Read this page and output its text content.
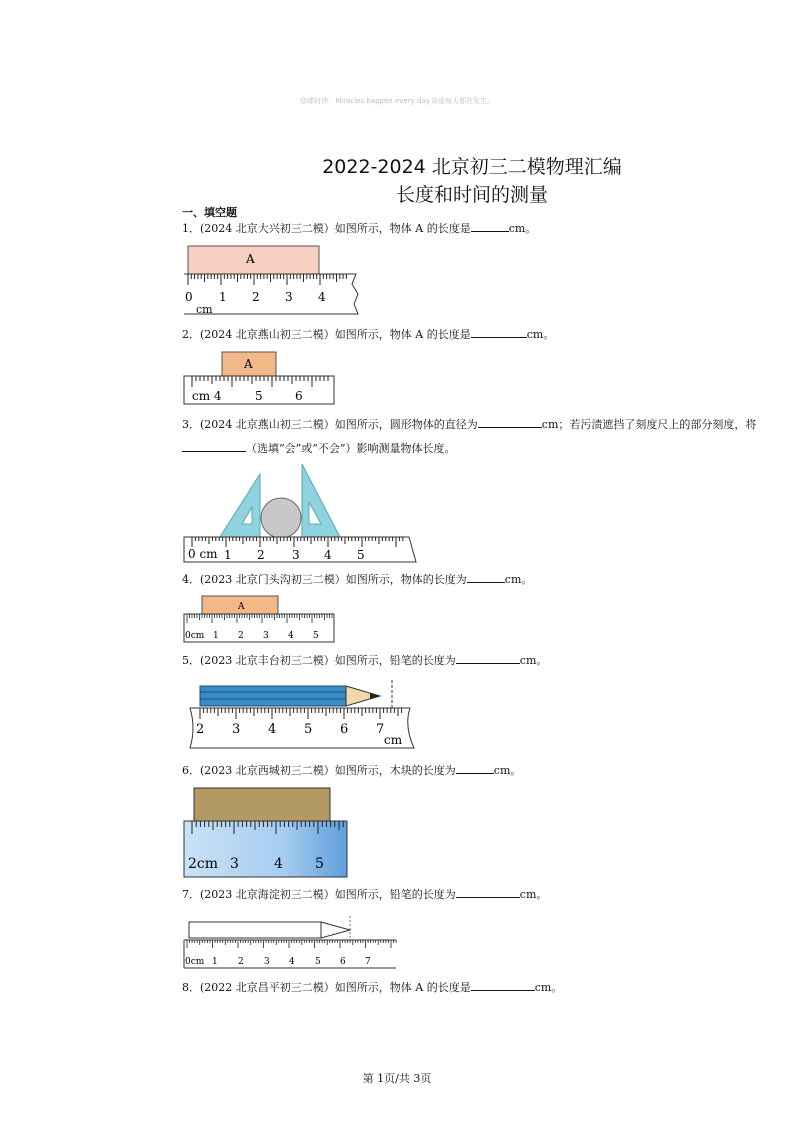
☺课时侠：Miracles happen every day.奇迹每天都在发生。
2022-2024 北京初三二模物理汇编
长度和时间的测量
一、填空题
1．(2024 北京大兴初三二模）如图所示，物体 A 的长度是	cm。
A
0 1 2 3 4
cm
2．(2024 北京燕山初三二模）如图所示，物体 A 的长度是	cm。
A
cm 4	5	6
3．(2024 北京燕山初三二模）如图所示，圆形物体的直径为	cm；若污渍遮挡了刻度尺上的部分刻度，将（选填“会”或“不会”）影响测量物体长度。
0 cm 1 2 3 4 5
4．(2023 北京门头沟初三二模）如图所示，物体的长度为	cm。
A
0cm 1 2 3 4 5
5．(2023 北京丰台初三二模）如图所示，铅笔的长度为	cm。
2 3 4 5 6 7
cm
6．(2023 北京西城初三二模）如图所示，木块的长度为	cm。
2cm 3	4 5
7．(2023 北京海淀初三二模）如图所示，铅笔的长度为	cm。
0cm 1 2 3 4 5 6 7
8．(2022 北京昌平初三二模）如图所示，物体 A 的长度是	cm。
第 1页/共 3页
